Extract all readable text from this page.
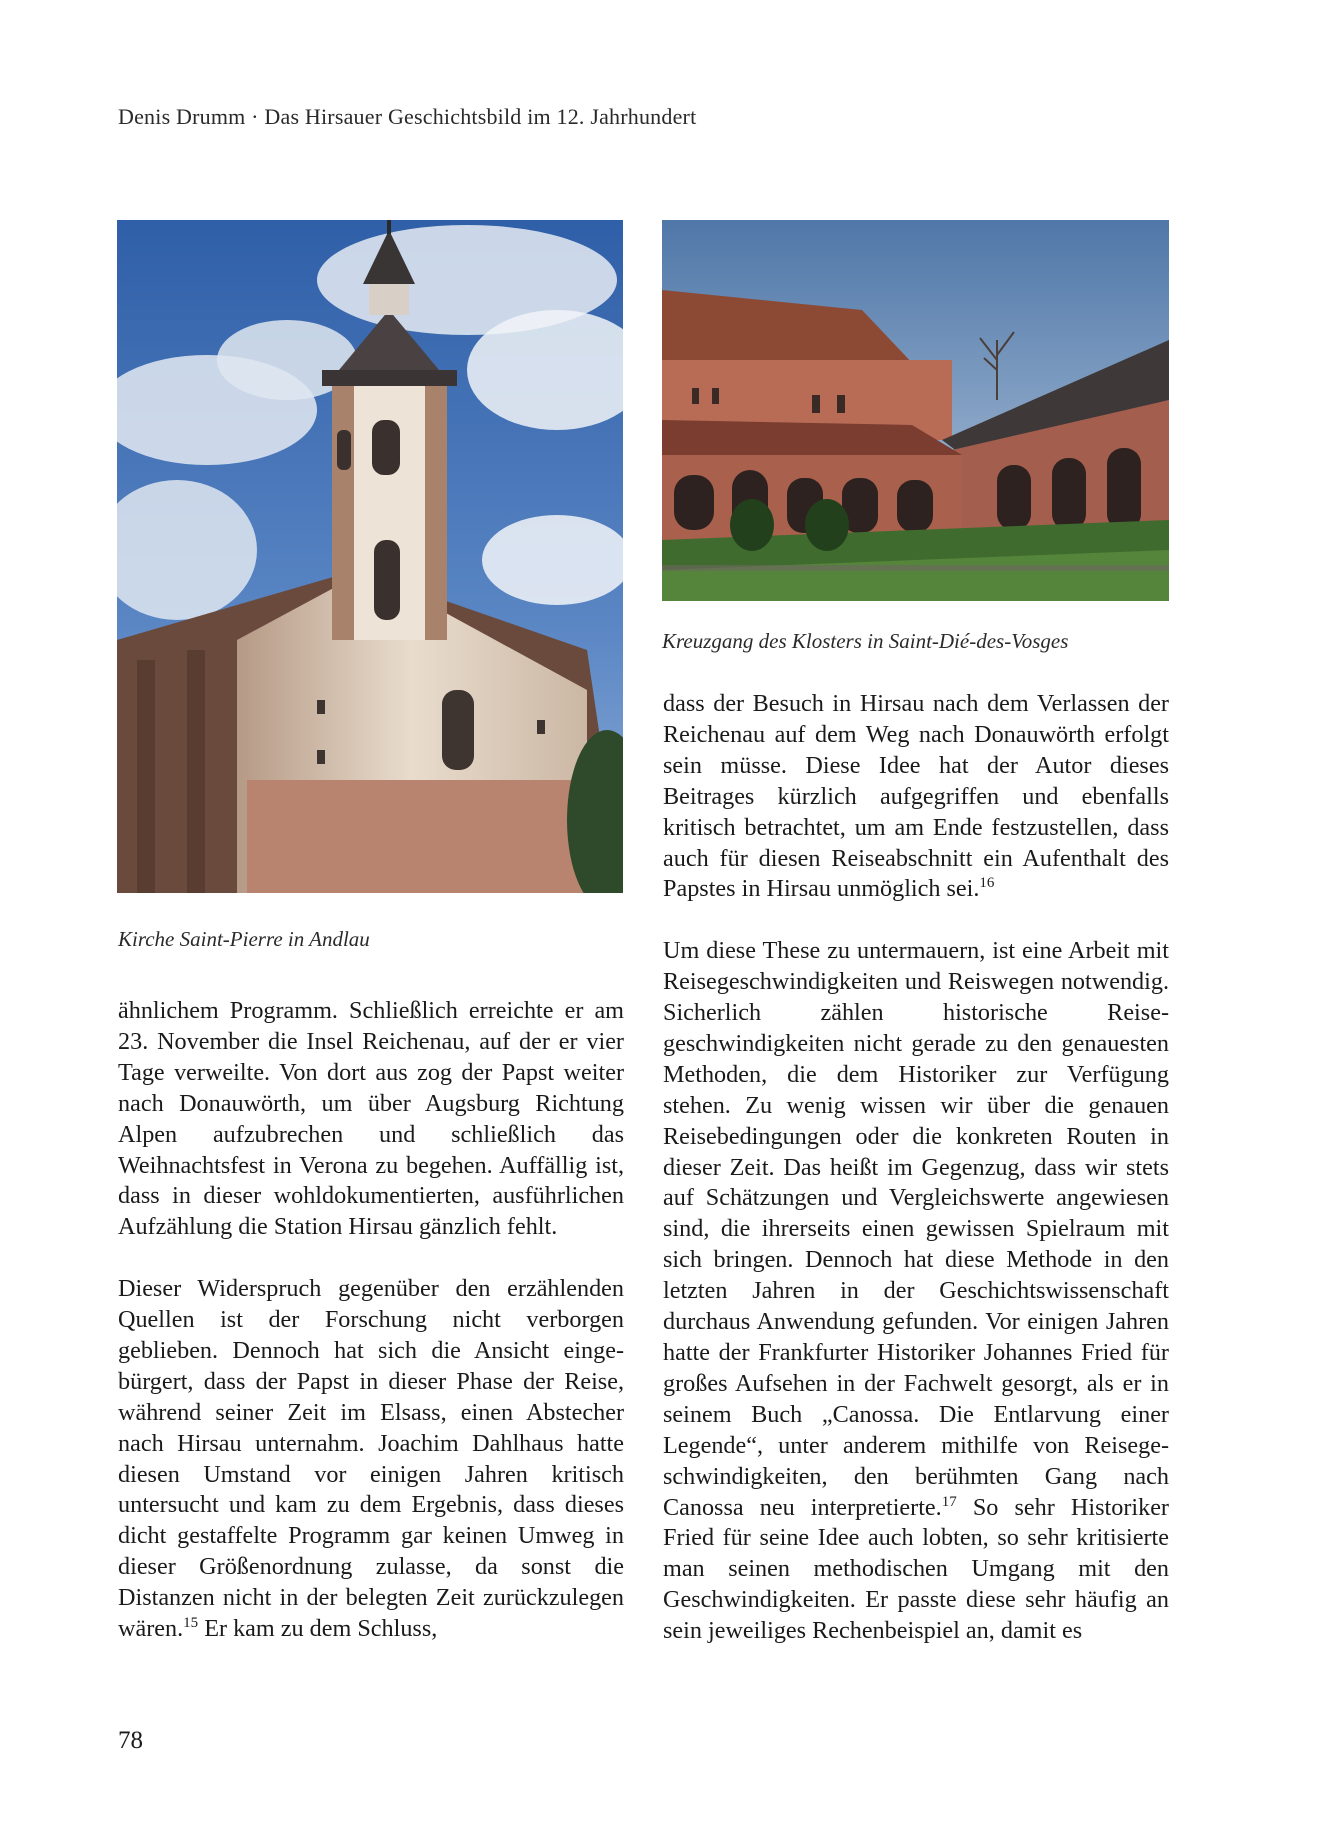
Denis Drumm · Das Hirsauer Geschichtsbild im 12. Jahrhundert
Kirche Saint-Pierre in Andlau
Kreuzgang des Klosters in Saint-Dié-des-Vosges

ähnlichem Programm. Schließlich erreichte er am 23. November die Insel Reichenau, auf der er vier Tage verweilte. Von dort aus zog der Papst weiter nach Donauwörth, um über Augsburg Richtung Alpen aufzubrechen und schließlich das Weihnachtsfest in Verona zu begehen. Auffällig ist, dass in dieser wohldokumentierten, ausführlichen Aufzählung die Station Hirsau gänzlich fehlt.

Dieser Widerspruch gegenüber den erzählenden Quellen ist der Forschung nicht verborgen geblieben. Dennoch hat sich die Ansicht eingebürgert, dass der Papst in dieser Phase der Reise, während seiner Zeit im Elsass, einen Abstecher nach Hirsau unternahm. Joachim Dahlhaus hatte diesen Umstand vor einigen Jahren kritisch untersucht und kam zu dem Ergebnis, dass dieses dicht gestaffelte Programm gar keinen Umweg in dieser Größenordnung zulasse, da sonst die Distanzen nicht in der belegten Zeit zurückzulegen wären.$^{15}$ Er kam zu dem Schluss,

dass der Besuch in Hirsau nach dem Verlassen der Reichenau auf dem Weg nach Donauwörth erfolgt sein müsse. Diese Idee hat der Autor dieses Beitrages kürzlich aufgegriffen und ebenfalls kritisch betrachtet, um am Ende festzustellen, dass auch für diesen Reiseabschnitt ein Aufenthalt des Papstes in Hirsau unmöglich sei.$^{16}$

Um diese These zu untermauern, ist eine Arbeit mit Reisegeschwindigkeiten und Reiswegen notwendig. Sicherlich zählen historische Reisegeschwindigkeiten nicht gerade zu den genauesten Methoden, die dem Historiker zur Verfügung stehen. Zu wenig wissen wir über die genauen Reisebedingungen oder die konkreten Routen in dieser Zeit. Das heißt im Gegenzug, dass wir stets auf Schätzungen und Vergleichswerte angewiesen sind, die ihrerseits einen gewissen Spielraum mit sich bringen. Dennoch hat diese Methode in den letzten Jahren in der Geschichtswissenschaft durchaus Anwendung gefunden. Vor einigen Jahren hatte der Frankfurter Historiker Johannes Fried für großes Aufsehen in der Fachwelt gesorgt, als er in seinem Buch „Canossa. Die Entlarvung einer Legende“, unter anderem mithilfe von Reisegeschwindigkeiten, den berühmten Gang nach Canossa neu interpretierte.$^{17}$ So sehr Historiker Fried für seine Idee auch lobten, so sehr kritisierte man seinen methodischen Umgang mit den Geschwindigkeiten. Er passte diese sehr häufig an sein jeweiliges Rechenbeispiel an, damit es

78
